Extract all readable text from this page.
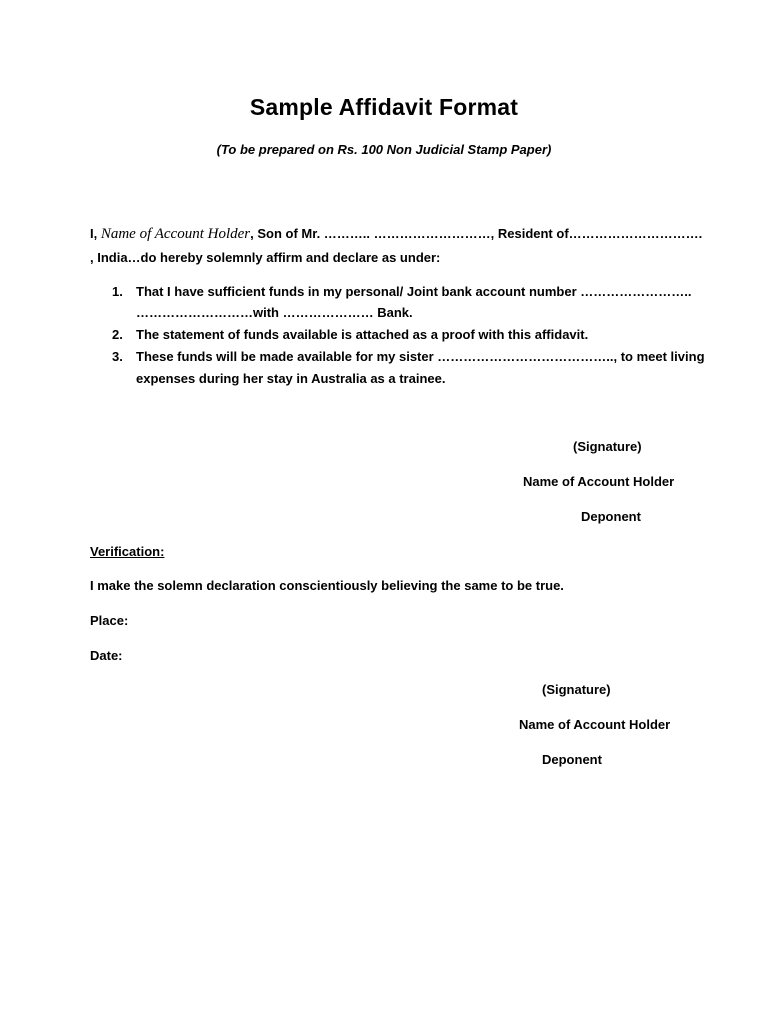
Sample Affidavit Format
(To be prepared on Rs. 100 Non Judicial Stamp Paper)
I, Name of Account Holder, Son of Mr. ……….. ………………………, Resident of………………………….
, India…do hereby solemnly affirm and declare as under:
1. That I have sufficient funds in my personal/ Joint bank account number ……………………..
………………………with ………………… Bank.
2. The statement of funds available is attached as a proof with this affidavit.
3. These funds will be made available for my sister ………………………………….., to meet living
expenses during her stay in Australia as a trainee.
(Signature)
Name of Account Holder
Deponent
Verification:
I make the solemn declaration conscientiously believing the same to be true.
Place:
Date:
(Signature)
Name of Account Holder
Deponent
